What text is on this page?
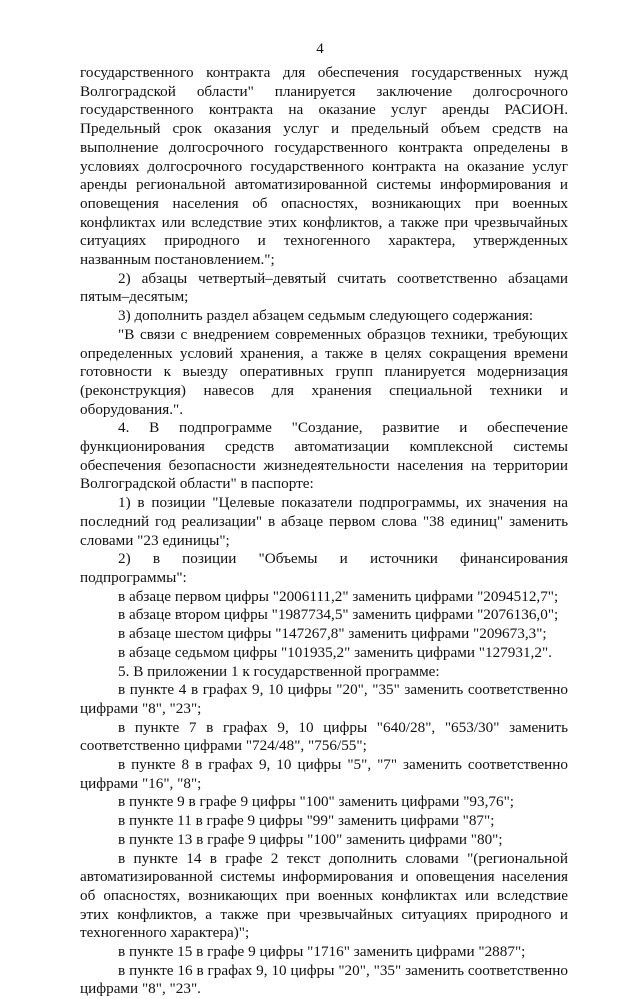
4

государственного контракта для обеспечения государственных нужд Волгоградской области" планируется заключение долгосрочного государственного контракта на оказание услуг аренды РАСИОН. Предельный срок оказания услуг и предельный объем средств на выполнение долгосрочного государственного контракта определены в условиях долгосрочного государственного контракта на оказание услуг аренды региональной автоматизированной системы информирования и оповещения населения об опасностях, возникающих при военных конфликтах или вследствие этих конфликтов, а также при чрезвычайных ситуациях природного и техногенного характера, утвержденных названным постановлением.";

2) абзацы четвертый–девятый считать соответственно абзацами пятым–десятым;

3) дополнить раздел абзацем седьмым следующего содержания:

"В связи с внедрением современных образцов техники, требующих определенных условий хранения, а также в целях сокращения времени готовности к выезду оперативных групп планируется модернизация (реконструкция) навесов для хранения специальной техники и оборудования.".

4. В подпрограмме "Создание, развитие и обеспечение функционирования средств автоматизации комплексной системы обеспечения безопасности жизнедеятельности населения на территории Волгоградской области" в паспорте:

1) в позиции "Целевые показатели подпрограммы, их значения на последний год реализации" в абзаце первом слова "38 единиц" заменить словами "23 единицы";

2) в позиции "Объемы и источники финансирования подпрограммы":

в абзаце первом цифры "2006111,2" заменить цифрами "2094512,7";

в абзаце втором цифры "1987734,5" заменить цифрами "2076136,0";

в абзаце шестом цифры "147267,8" заменить цифрами "209673,3";

в абзаце седьмом цифры "101935,2" заменить цифрами "127931,2".

5. В приложении 1 к государственной программе:

в пункте 4 в графах 9, 10 цифры "20", "35" заменить соответственно цифрами "8", "23";

в пункте 7 в графах 9, 10 цифры "640/28", "653/30" заменить соответственно цифрами "724/48", "756/55";

в пункте 8 в графах 9, 10 цифры "5", "7" заменить соответственно цифрами "16", "8";

в пункте 9 в графе 9 цифры "100" заменить цифрами "93,76";

в пункте 11 в графе 9 цифры "99" заменить цифрами "87";

в пункте 13 в графе 9 цифры "100" заменить цифрами "80";

в пункте 14 в графе 2 текст дополнить словами "(региональной автоматизированной системы информирования и оповещения населения об опасностях, возникающих при военных конфликтах или вследствие этих конфликтов, а также при чрезвычайных ситуациях природного и техногенного характера)";

в пункте 15 в графе 9 цифры "1716" заменить цифрами "2887";

в пункте 16 в графах 9, 10 цифры "20", "35" заменить соответственно цифрами "8", "23".
